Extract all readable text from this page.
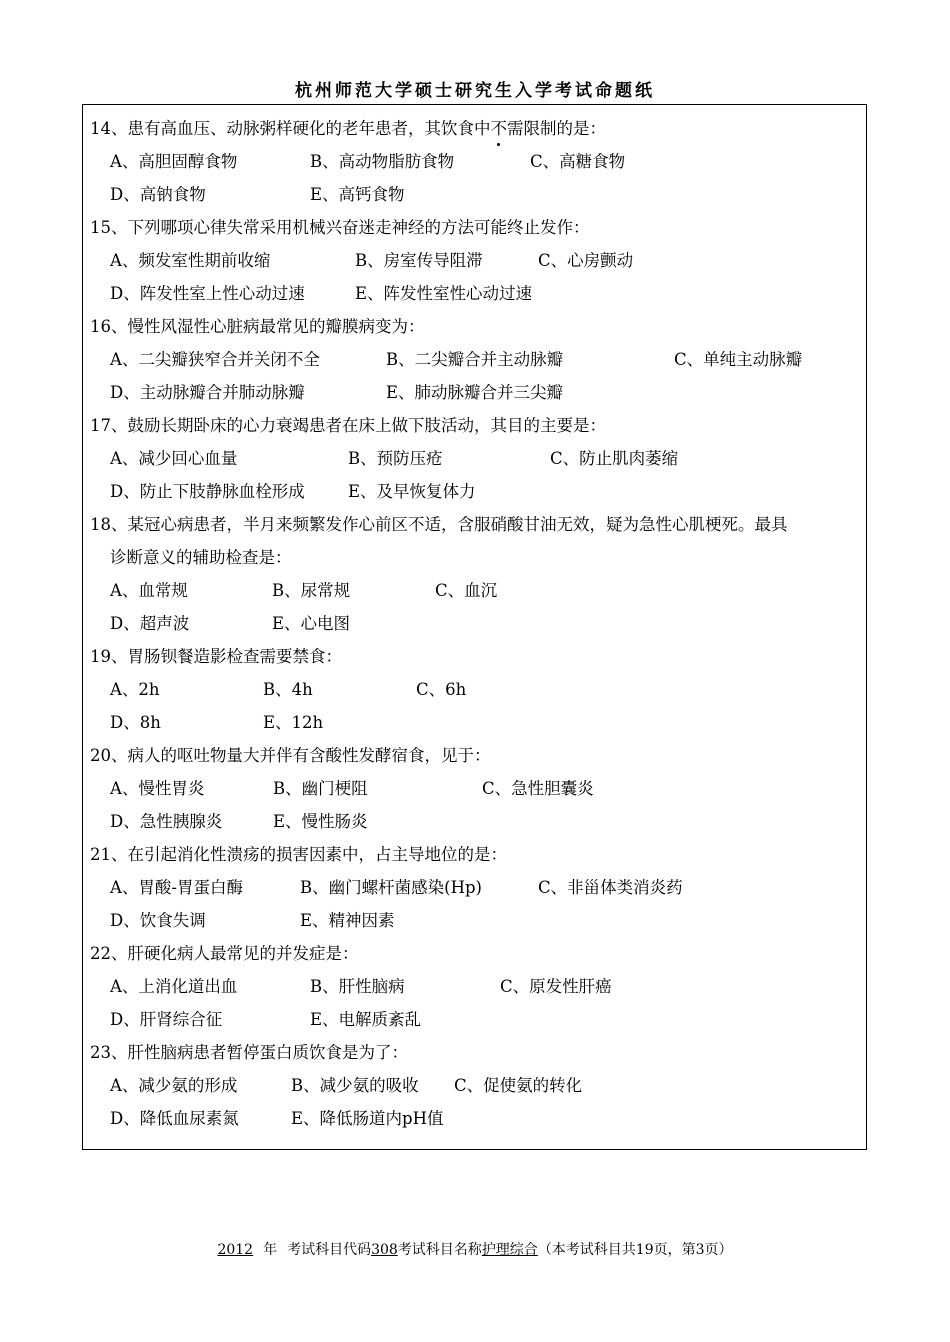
杭州师范大学硕士研究生入学考试命题纸
14、患有高血压、动脉粥样硬化的老年患者，其饮食中不需限制的是：
A、高胆固醇食物	B、高动物脂肪食物	C、高糖食物
D、高钠食物	E、高钙食物
15、下列哪项心律失常采用机械兴奋迷走神经的方法可能终止发作：
A、频发室性期前收缩	B、房室传导阻滞	C、心房颤动
D、阵发性室上性心动过速	E、阵发性室性心动过速
16、慢性风湿性心脏病最常见的瓣膜病变为：
A、二尖瓣狭窄合并关闭不全	B、二尖瓣合并主动脉瓣	C、单纯主动脉瓣
D、主动脉瓣合并肺动脉瓣	E、肺动脉瓣合并三尖瓣
17、鼓励长期卧床的心力衰竭患者在床上做下肢活动，其目的主要是：
A、减少回心血量	B、预防压疮	C、防止肌肉萎缩
D、防止下肢静脉血栓形成	E、及早恢复体力
18、某冠心病患者，半月来频繁发作心前区不适，含服硝酸甘油无效，疑为急性心肌梗死。最具
诊断意义的辅助检查是：
A、血常规	B、尿常规	C、血沉
D、超声波	E、心电图
19、胃肠钡餐造影检查需要禁食：
A、2h	B、4h	C、6h
D、8h	E、12h
20、病人的呕吐物量大并伴有含酸性发酵宿食，见于：
A、慢性胃炎	B、幽门梗阻	C、急性胆囊炎
D、急性胰腺炎	E、慢性肠炎
21、在引起消化性溃疡的损害因素中，占主导地位的是：
A、胃酸-胃蛋白酶	B、幽门螺杆菌感染(Hp)	C、非甾体类消炎药
D、饮食失调	E、精神因素
22、肝硬化病人最常见的并发症是：
A、上消化道出血	B、肝性脑病	C、原发性肝癌
D、肝肾综合征	E、电解质紊乱
23、肝性脑病患者暂停蛋白质饮食是为了：
A、减少氨的形成	B、减少氨的吸收 C、促使氨的转化
D、降低血尿素氮	E、降低肠道内pH值
2012 年 考试科目代码308考试科目名称护理综合（本考试科目共19页，第3页）
